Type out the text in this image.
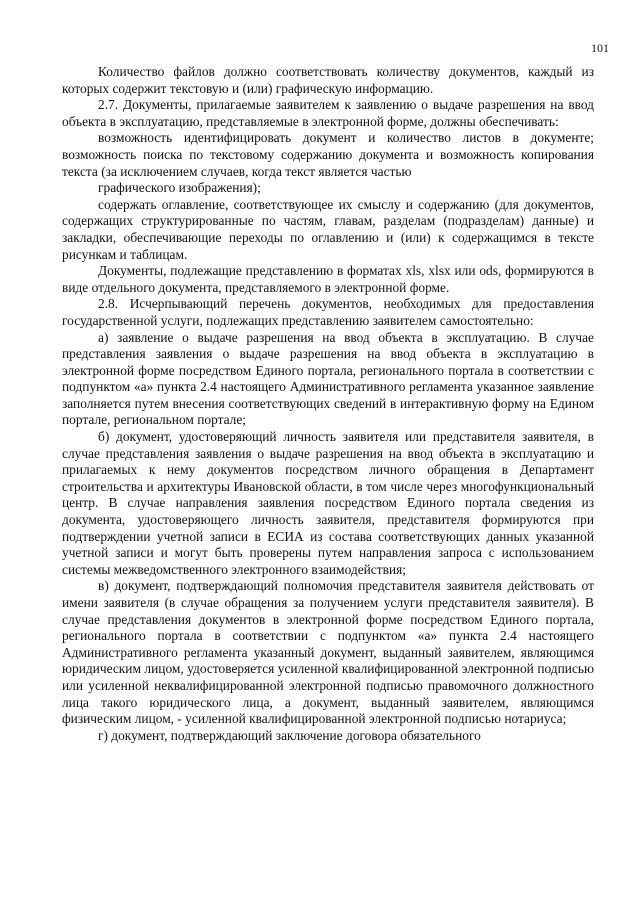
101

Количество файлов должно соответствовать количеству документов, каждый из которых содержит текстовую и (или) графическую информацию.

2.7. Документы, прилагаемые заявителем к заявлению о выдаче разрешения на ввод объекта в эксплуатацию, представляемые в электронной форме, должны обеспечивать:

возможность идентифицировать документ и количество листов в документе; возможность поиска по текстовому содержанию документа и возможность копирования текста (за исключением случаев, когда текст является частью

графического изображения);

содержать оглавление, соответствующее их смыслу и содержанию (для документов, содержащих структурированные по частям, главам, разделам (подразделам) данные) и закладки, обеспечивающие переходы по оглавлению и (или) к содержащимся в тексте рисункам и таблицам.

Документы, подлежащие представлению в форматах xls, xlsx или ods, формируются в виде отдельного документа, представляемого в электронной форме.

2.8. Исчерпывающий перечень документов, необходимых для предоставления государственной услуги, подлежащих представлению заявителем самостоятельно:

а) заявление о выдаче разрешения на ввод объекта в эксплуатацию. В случае представления заявления о выдаче разрешения на ввод объекта в эксплуатацию в электронной форме посредством Единого портала, регионального портала в соответствии с подпунктом «а» пункта 2.4 настоящего Административного регламента указанное заявление заполняется путем внесения соответствующих сведений в интерактивную форму на Едином портале, региональном портале;

б) документ, удостоверяющий личность заявителя или представителя заявителя, в случае представления заявления о выдаче разрешения на ввод объекта в эксплуатацию и прилагаемых к нему документов посредством личного обращения в Департамент строительства и архитектуры Ивановской области, в том числе через многофункциональный центр. В случае направления заявления посредством Единого портала сведения из документа, удостоверяющего личность заявителя, представителя формируются при подтверждении учетной записи в ЕСИА из состава соответствующих данных указанной учетной записи и могут быть проверены путем направления запроса с использованием системы межведомственного электронного взаимодействия;

в) документ, подтверждающий полномочия представителя заявителя действовать от имени заявителя (в случае обращения за получением услуги представителя заявителя). В случае представления документов в электронной форме посредством Единого портала, регионального портала в соответствии с подпунктом «а» пункта 2.4 настоящего Административного регламента указанный документ, выданный заявителем, являющимся юридическим лицом, удостоверяется усиленной квалифицированной электронной подписью или усиленной неквалифицированной электронной подписью правомочного должностного лица такого юридического лица, а документ, выданный заявителем, являющимся физическим лицом, - усиленной квалифицированной электронной подписью нотариуса;

г) документ, подтверждающий заключение договора обязательного
